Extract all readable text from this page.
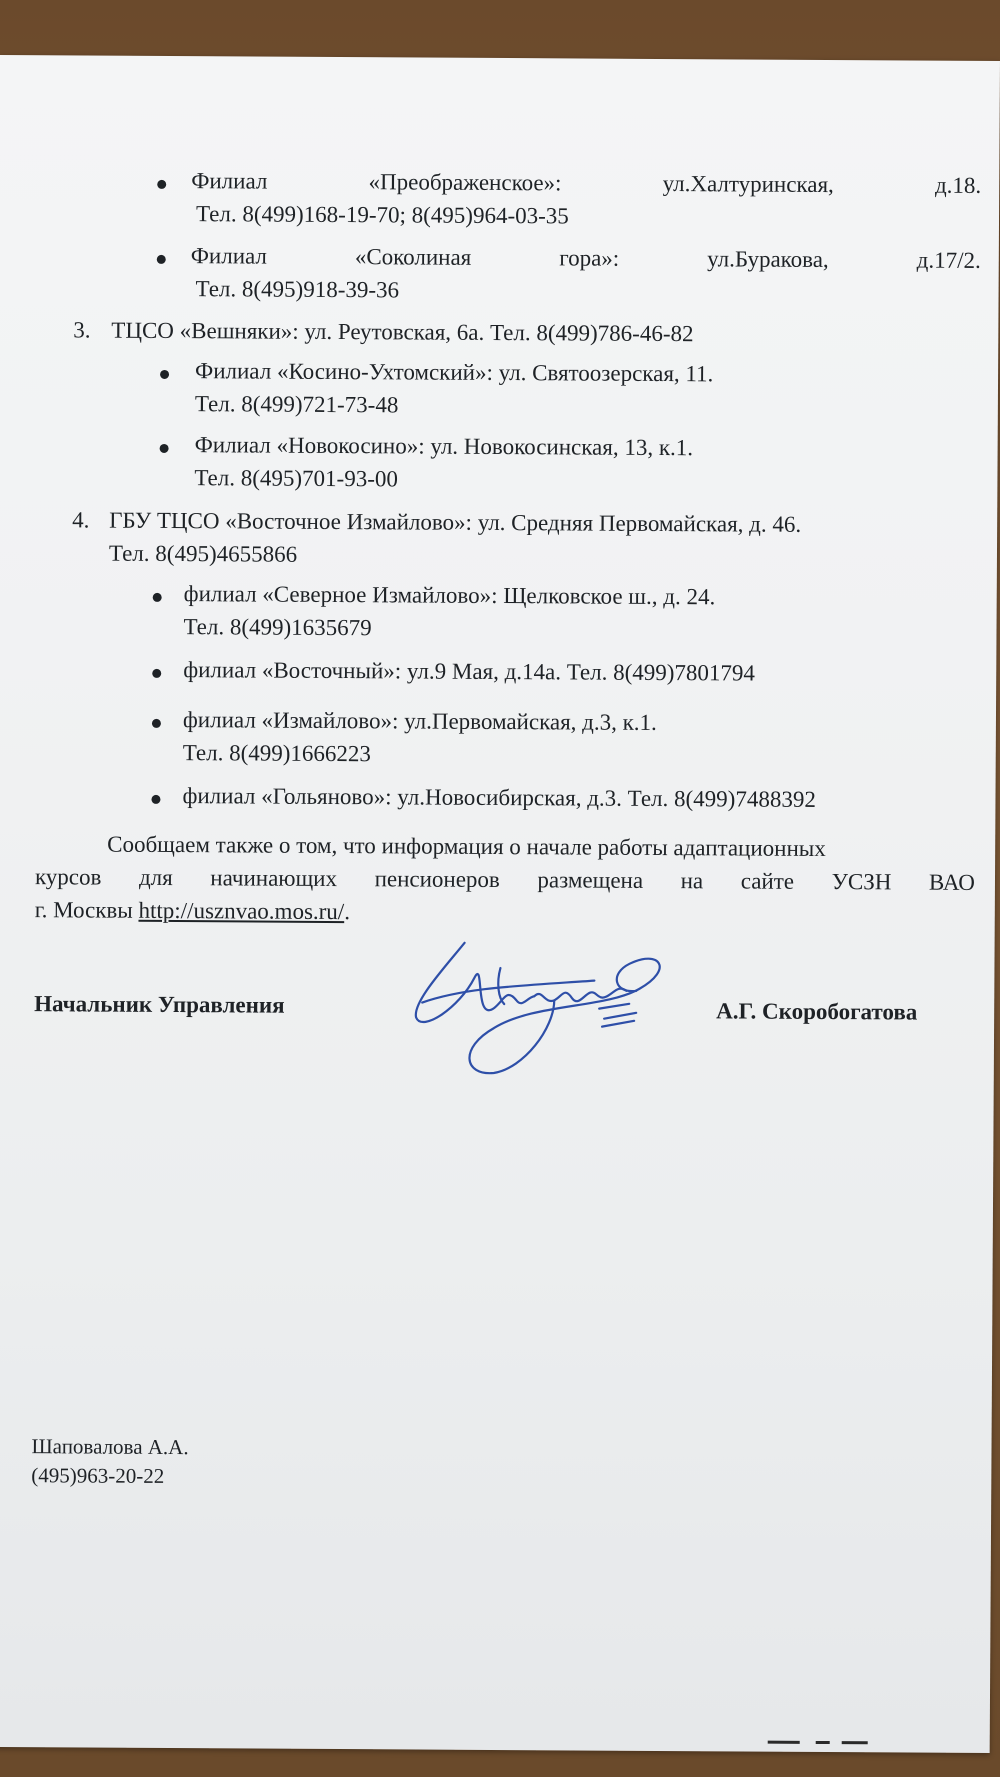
Филиал	«Преображенское»:	ул.Халтуринская,	д.18.
Тел. 8(499)168-19-70; 8(495)964-03-35
Филиал	«Соколиная	гора»:	ул.Буракова,	д.17/2.
Тел. 8(495)918-39-36
3. ТЦСО «Вешняки»: ул. Реутовская, 6а. Тел. 8(499)786-46-82
Филиал «Косино-Ухтомский»: ул. Святоозерская, 11.
Тел. 8(499)721-73-48
Филиал «Новокосино»: ул. Новокосинская, 13, к.1.
Тел. 8(495)701-93-00
4. ГБУ ТЦСО «Восточное Измайлово»: ул. Средняя Первомайская, д. 46.
Тел. 8(495)4655866
филиал «Северное Измайлово»: Щелковское ш., д. 24.
Тел. 8(499)1635679
филиал «Восточный»: ул.9 Мая, д.14а. Тел. 8(499)7801794
филиал «Измайлово»: ул.Первомайская, д.3, к.1.
Тел. 8(499)1666223
филиал «Гольяново»: ул.Новосибирская, д.3. Тел. 8(499)7488392
Сообщаем также о том, что информация о начале работы адаптационных
курсов для начинающих пенсионеров размещена на сайте УСЗН ВАО
г. Москвы http://usznvao.mos.ru/.
Начальник Управления	А.Г. Скоробогатова
Шаповалова А.А.
(495)963-20-22
